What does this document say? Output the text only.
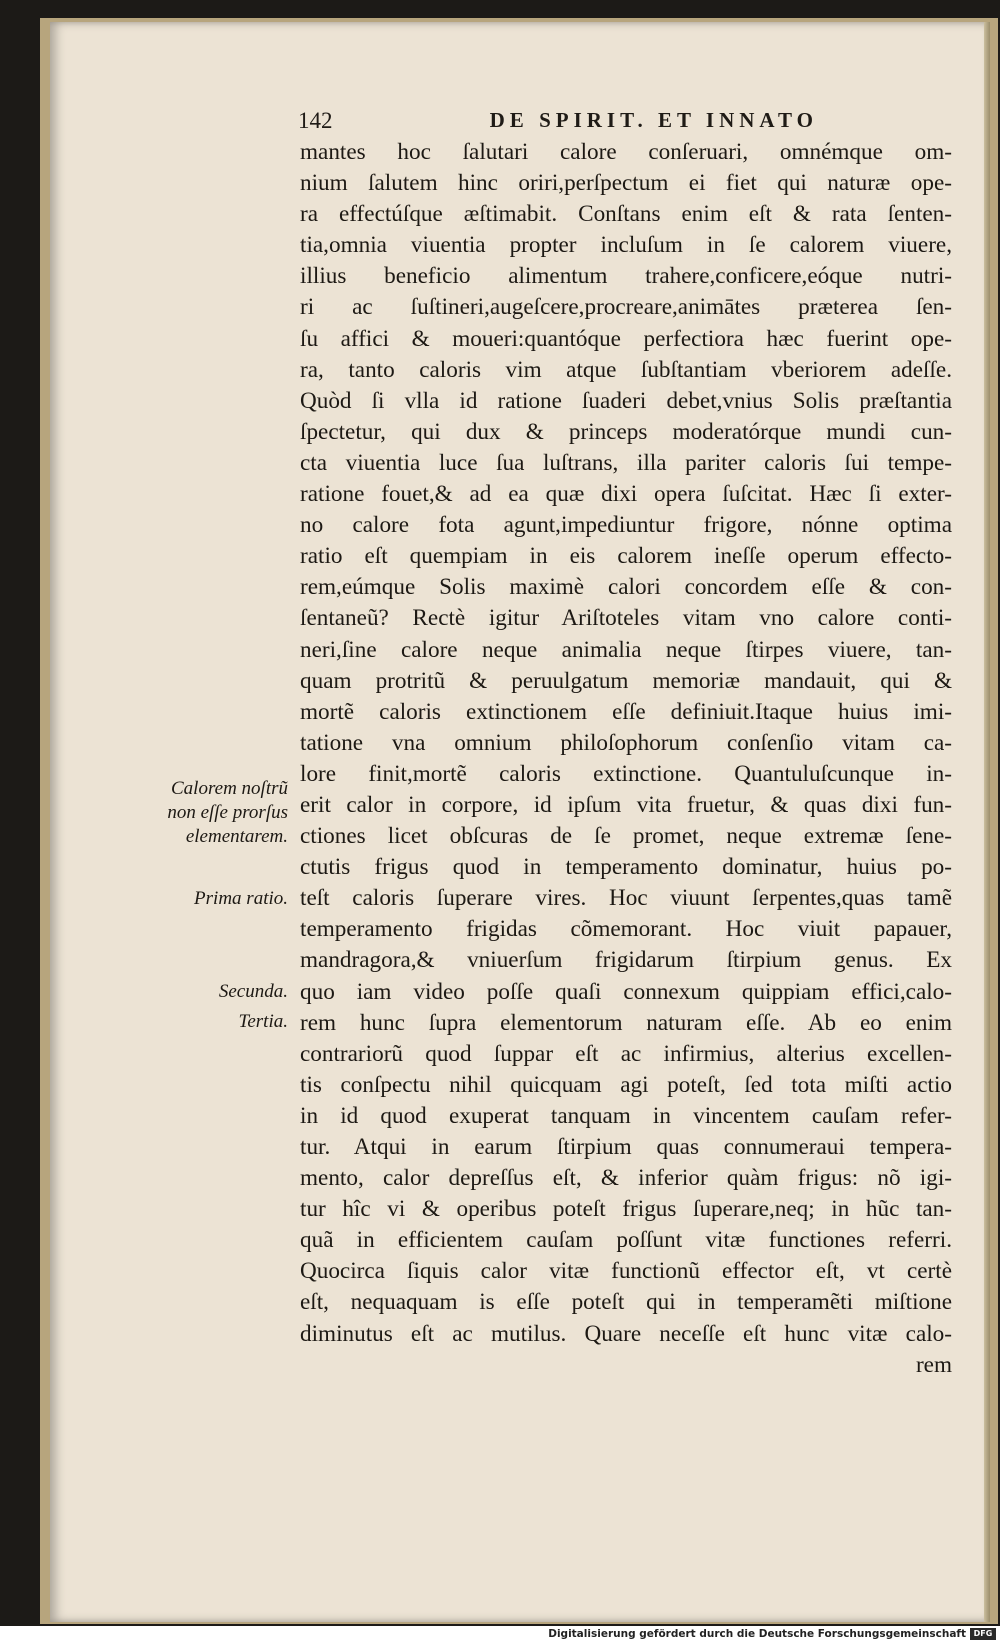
142	DE SPIRIT. ET INNATO
mantes hoc ſalutari calore conſeruari, omnémque om-
nium ſalutem hinc oriri,perſpectum ei fiet qui naturæ ope-
ra effectúſque æſtimabit. Conſtans enim eſt & rata ſenten-
tia,omnia viuentia propter incluſum in ſe calorem viuere,
illius beneficio alimentum trahere,conficere,eóque nutri-
ri ac ſuſtineri,augeſcere,procreare,animātes præterea ſen-
ſu affici & moueri:quantóque perfectiora hæc fuerint ope-
ra, tanto caloris vim atque ſubſtantiam vberiorem adeſſe.
Quòd ſi vlla id ratione ſuaderi debet,vnius Solis præſtantia
ſpectetur, qui dux & princeps moderatórque mundi cun-
cta viuentia luce ſua luſtrans, illa pariter caloris ſui tempe-
ratione fouet,& ad ea quæ dixi opera ſuſcitat. Hæc ſi exter-
no calore fota agunt,impediuntur frigore, nónne optima
ratio eſt quempiam in eis calorem ineſſe operum effecto-
rem,eúmque Solis maximè calori concordem eſſe & con-
ſentaneũ? Rectè igitur Ariſtoteles vitam vno calore conti-
neri,ſine calore neque animalia neque ſtirpes viuere, tan-
quam protritũ & peruulgatum memoriæ mandauit, qui &
mortẽ caloris extinctionem eſſe definiuit.Itaque huius imi-
tatione vna omnium philoſophorum conſenſio vitam ca-
lore finit,mortẽ caloris extinctione. Quantuluſcunque in-
erit calor in corpore, id ipſum vita fruetur, & quas dixi fun-
ctiones licet obſcuras de ſe promet, neque extremæ ſene-
ctutis frigus quod in temperamento dominatur, huius po-
teſt caloris ſuperare vires. Hoc viuunt ſerpentes,quas tamẽ
temperamento frigidas cõmemorant. Hoc viuit papauer,
mandragora,& vniuerſum frigidarum ſtirpium genus. Ex
quo iam video poſſe quaſi connexum quippiam effici,calo-
rem hunc ſupra elementorum naturam eſſe. Ab eo enim
contrariorũ quod ſuppar eſt ac infirmius, alterius excellen-
tis conſpectu nihil quicquam agi poteſt, ſed tota miſti actio
in id quod exuperat tanquam in vincentem cauſam refer-
tur. Atqui in earum ſtirpium quas connumeraui tempera-
mento, calor depreſſus eſt, & inferior quàm frigus: nõ igi-
tur hîc vi & operibus poteſt frigus ſuperare,neq; in hũc tan-
quã in efficientem cauſam poſſunt vitæ functiones referri.
Quocirca ſiquis calor vitæ functionũ effector eſt, vt certè
eſt, nequaquam is eſſe poteſt qui in temperamẽti miſtione
diminutus eſt ac mutilus. Quare neceſſe eſt hunc vitæ calo-
rem
Calorem noſtrũ
non eſſe prorſus
elementarem.
Prima ratio.
Secunda.
Tertia.
Digitalisierung gefördert durch die Deutsche Forschungsgemeinschaft DFG
